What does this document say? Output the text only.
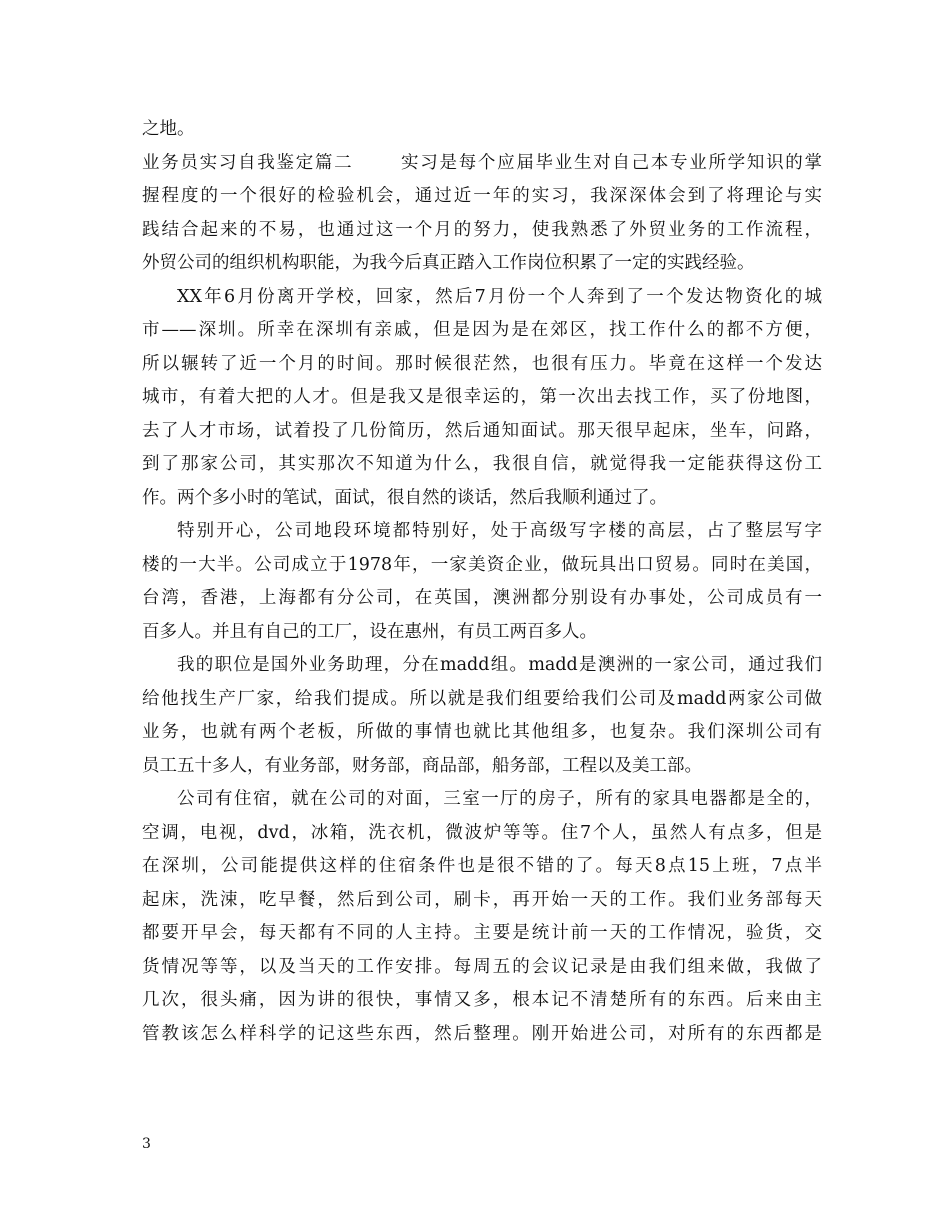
之地。
业务员实习自我鉴定篇二	实习是每个应届毕业生对自己本专业所学知识的掌
握程度的一个很好的检验机会，通过近一年的实习，我深深体会到了将理论与实
践结合起来的不易，也通过这一个月的努力，使我熟悉了外贸业务的工作流程，
外贸公司的组织机构职能，为我今后真正踏入工作岗位积累了一定的实践经验。
XX年6月份离开学校，回家，然后7月份一个人奔到了一个发达物资化的城
市——深圳。所幸在深圳有亲戚，但是因为是在郊区，找工作什么的都不方便，
所以辗转了近一个月的时间。那时候很茫然，也很有压力。毕竟在这样一个发达
城市，有着大把的人才。但是我又是很幸运的，第一次出去找工作，买了份地图，
去了人才市场，试着投了几份简历，然后通知面试。那天很早起床，坐车，问路，
到了那家公司，其实那次不知道为什么，我很自信，就觉得我一定能获得这份工
作。两个多小时的笔试，面试，很自然的谈话，然后我顺利通过了。
特别开心，公司地段环境都特别好，处于高级写字楼的高层，占了整层写字
楼的一大半。公司成立于1978年，一家美资企业，做玩具出口贸易。同时在美国，
台湾，香港，上海都有分公司，在英国，澳洲都分别设有办事处，公司成员有一
百多人。并且有自己的工厂，设在惠州，有员工两百多人。
我的职位是国外业务助理，分在madd组。madd是澳洲的一家公司，通过我们
给他找生产厂家，给我们提成。所以就是我们组要给我们公司及madd两家公司做
业务，也就有两个老板，所做的事情也就比其他组多，也复杂。我们深圳公司有
员工五十多人，有业务部，财务部，商品部，船务部，工程以及美工部。
公司有住宿，就在公司的对面，三室一厅的房子，所有的家具电器都是全的，
空调，电视，dvd，冰箱，洗衣机，微波炉等等。住7个人，虽然人有点多，但是
在深圳，公司能提供这样的住宿条件也是很不错的了。每天8点15上班，7点半
起床，洗涑，吃早餐，然后到公司，刷卡，再开始一天的工作。我们业务部每天
都要开早会，每天都有不同的人主持。主要是统计前一天的工作情况，验货，交
货情况等等，以及当天的工作安排。每周五的会议记录是由我们组来做，我做了
几次，很头痛，因为讲的很快，事情又多，根本记不清楚所有的东西。后来由主
管教该怎么样科学的记这些东西，然后整理。刚开始进公司，对所有的东西都是
3
